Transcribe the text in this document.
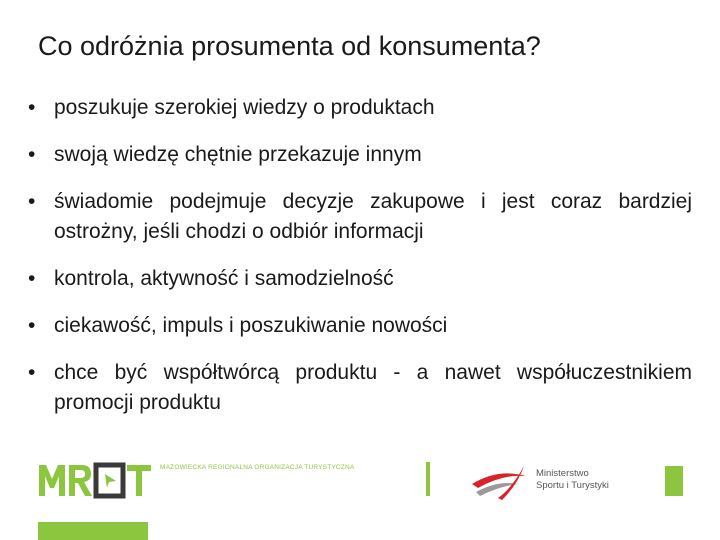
Co odróżnia prosumenta od konsumenta?
• poszukuje szerokiej wiedzy o produktach
• swoją wiedzę chętnie przekazuje innym
• świadomie podejmuje decyzje zakupowe i jest coraz bardziej ostrożny, jeśli chodzi o odbiór informacji
• kontrola, aktywność i samodzielność
• ciekawość, impuls i poszukiwanie nowości
• chce być współtwórcą produktu - a nawet współuczestnikiem promocji produktu
MAZOWIECKA REGIONALNA ORGANIZACJA TURYSTYCZNA
Ministerstwo
Sportu i Turystyki
